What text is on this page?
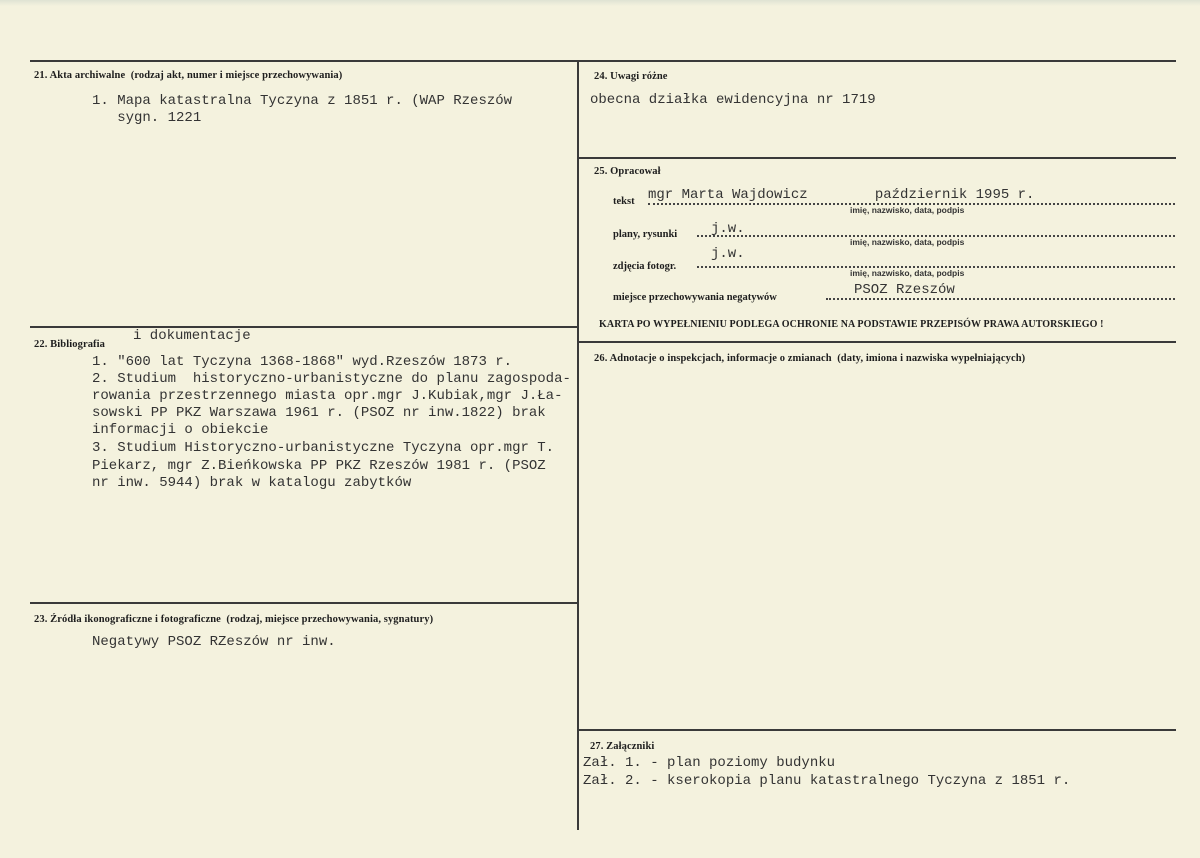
21. Akta archiwalne (rodzaj akt, numer i miejsce przechowywania)
1. Mapa katastralna Tyczyna z 1851 r. (WAP Rzeszów
sygn. 1221
22. Bibliografia
i dokumentacje
1. "600 lat Tyczyna 1368-1868" wyd.Rzeszów 1873 r.
2. Studium  historyczno-urbanistyczne do planu zagospoda-
rowania przestrzennego miasta opr.mgr J.Kubiak,mgr J.Ła-
sowski PP PKZ Warszawa 1961 r. (PSOZ nr inw.1822) brak
informacji o obiekcie
3. Studium Historyczno-urbanistyczne Tyczyna opr.mgr T.
Piekarz, mgr Z.Bieńkowska PP PKZ Rzeszów 1981 r. (PSOZ
nr inw. 5944) brak w katalogu zabytków
23. Źródła ikonograficzne i fotograficzne (rodzaj, miejsce przechowywania, sygnatury)
Negatywy PSOZ RZeszów nr inw.
24. Uwagi różne
obecna działka ewidencyjna nr 1719
25. Opracował
tekst mgr Marta Wajdowicz        październik 1995 r.
imię, nazwisko, data, podpis
plany, rysunki j.w.
imię, nazwisko, data, podpis
zdjęcia fotogr.
j.w.
imię, nazwisko, data, podpis
miejsce przechowywania negatywów	PSOZ Rzeszów
KARTA PO WYPEŁNIENIU PODLEGA OCHRONIE NA PODSTAWIE PRZEPISÓW PRAWA AUTORSKIEGO !
26. Adnotacje o inspekcjach, informacje o zmianach (daty, imiona i nazwiska wypełniających)
27. Załączniki
Zał. 1. - plan poziomy budynku
Zał. 2. - kserokopia planu katastralnego Tyczyna z 1851 r.
